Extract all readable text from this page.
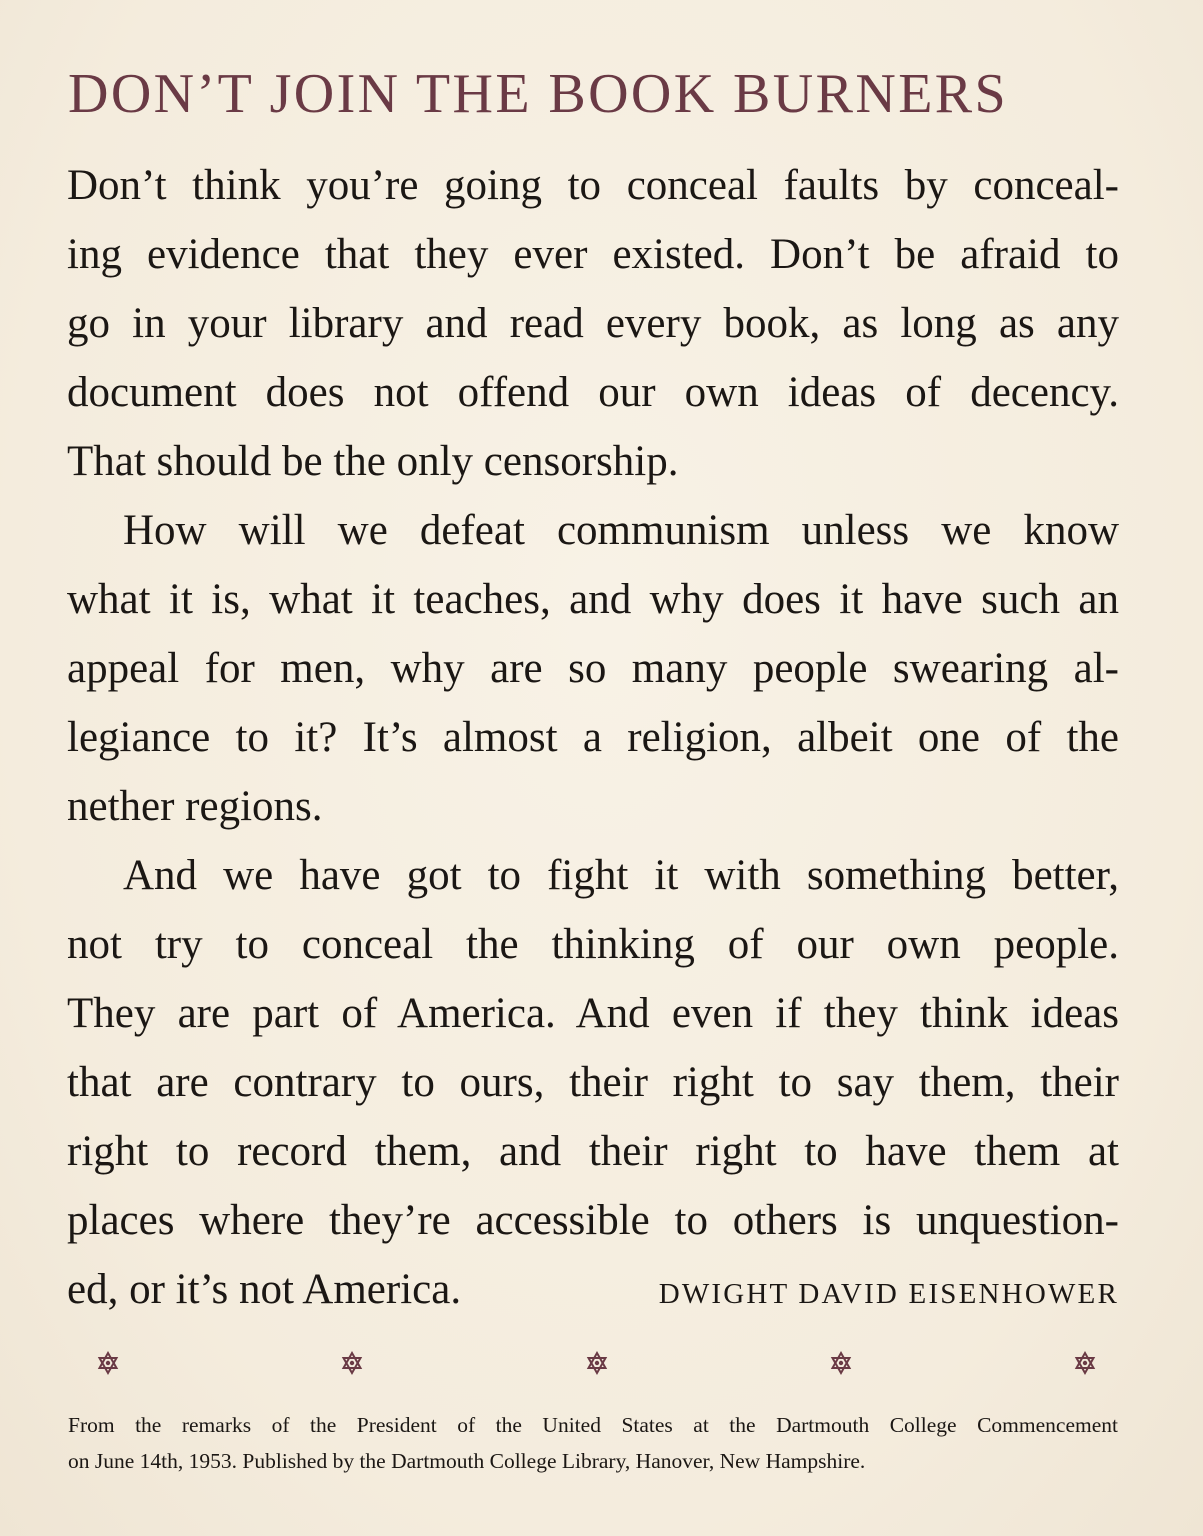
DON’T JOIN THE BOOK BURNERS
Don’t think you’re going to conceal faults by conceal-
ing evidence that they ever existed. Don’t be afraid to
go in your library and read every book, as long as any
document does not offend our own ideas of decency.
That should be the only censorship.
How will we defeat communism unless we know
what it is, what it teaches, and why does it have such an
appeal for men, why are so many people swearing al-
legiance to it? It’s almost a religion, albeit one of the
nether regions.
And we have got to fight it with something better,
not try to conceal the thinking of our own people.
They are part of America. And even if they think ideas
that are contrary to ours, their right to say them, their
right to record them, and their right to have them at
places where they’re accessible to others is unquestion-
ed, or it’s not America.	DWIGHT DAVID EISENHOWER
From the remarks of the President of the United States at the Dartmouth College Commencement
on June 14th, 1953. Published by the Dartmouth College Library, Hanover, New Hampshire.
